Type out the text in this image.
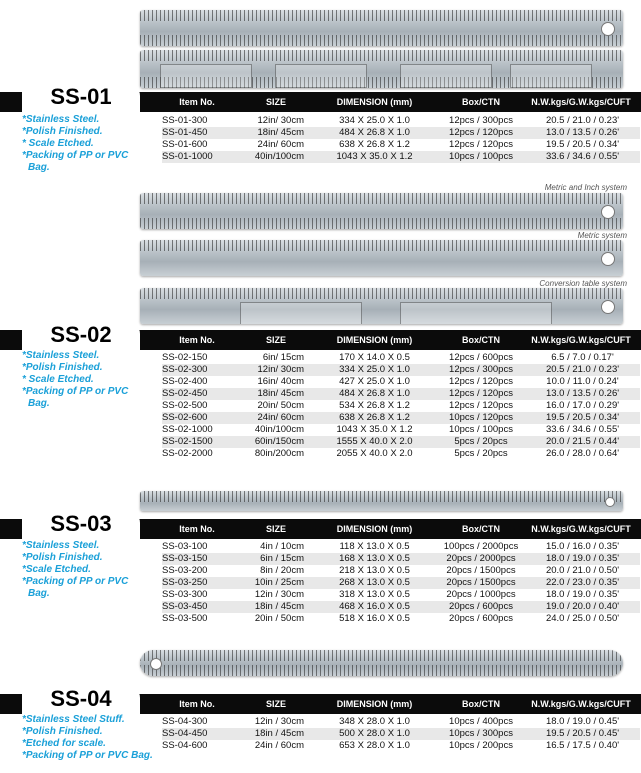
Metric and Inch system
Metric system
Conversion table system
Item No.	SIZE	DIMENSION (mm)	Box/CTN	N.W.kgs/G.W.kgs/CUFT
SS-01
*Stainless Steel.
*Polish Finished.
* Scale Etched.
*Packing of PP or PVC
Bag.
SS-01-300	12in/ 30cm	334 X 25.0 X 1.0	12pcs / 300pcs	20.5 / 21.0 / 0.23'
SS-01-450	18in/ 45cm	484 X 26.8 X 1.0	12pcs / 120pcs	13.0 / 13.5 / 0.26'
SS-01-600	24in/ 60cm	638 X 26.8 X 1.2	12pcs / 120pcs	19.5 / 20.5 / 0.34'
SS-01-1000	40in/100cm	1043 X 35.0 X 1.2	10pcs / 100pcs	33.6 / 34.6 / 0.55'
Item No.	SIZE	DIMENSION (mm)	Box/CTN	N.W.kgs/G.W.kgs/CUFT
SS-02
*Stainless Steel.
*Polish Finished.
* Scale Etched.
*Packing of PP or PVC
Bag.
SS-02-150	6in/ 15cm	170 X 14.0 X 0.5	12pcs / 600pcs	6.5 / 7.0 / 0.17'
SS-02-300	12in/ 30cm	334 X 25.0 X 1.0	12pcs / 300pcs	20.5 / 21.0 / 0.23'
SS-02-400	16in/ 40cm	427 X 25.0 X 1.0	12pcs / 120pcs	10.0 / 11.0 / 0.24'
SS-02-450	18in/ 45cm	484 X 26.8 X 1.0	12pcs / 120pcs	13.0 / 13.5 / 0.26'
SS-02-500	20in/ 50cm	534 X 26.8 X 1.2	12pcs / 120pcs	16.0 / 17.0 / 0.29'
SS-02-600	24in/ 60cm	638 X 26.8 X 1.2	10pcs / 120pcs	19.5 / 20.5 / 0.34'
SS-02-1000	40in/100cm	1043 X 35.0 X 1.2	10pcs / 100pcs	33.6 / 34.6 / 0.55'
SS-02-1500	60in/150cm	1555 X 40.0 X 2.0	5pcs / 20pcs	20.0 / 21.5 / 0.44'
SS-02-2000	80in/200cm	2055 X 40.0 X 2.0	5pcs / 20pcs	26.0 / 28.0 / 0.64'
Item No.	SIZE	DIMENSION (mm)	Box/CTN	N.W.kgs/G.W.kgs/CUFT
SS-03
*Stainless Steel.
*Polish Finished.
*Scale Etched.
*Packing of PP or PVC
Bag.
SS-03-100	4in / 10cm	118 X 13.0 X 0.5	100pcs / 2000pcs	15.0 / 16.0 / 0.35'
SS-03-150	6in / 15cm	168 X 13.0 X 0.5	20pcs / 2000pcs	18.0 / 19.0 / 0.35'
SS-03-200	8in / 20cm	218 X 13.0 X 0.5	20pcs / 1500pcs	20.0 / 21.0 / 0.50'
SS-03-250	10in / 25cm	268 X 13.0 X 0.5	20pcs / 1500pcs	22.0 / 23.0 / 0.35'
SS-03-300	12in / 30cm	318 X 13.0 X 0.5	20pcs / 1000pcs	18.0 / 19.0 / 0.35'
SS-03-450	18in / 45cm	468 X 16.0 X 0.5	20pcs / 600pcs	19.0 / 20.0 / 0.40'
SS-03-500	20in / 50cm	518 X 16.0 X 0.5	20pcs / 600pcs	24.0 / 25.0 / 0.50'
Item No.	SIZE	DIMENSION (mm)	Box/CTN	N.W.kgs/G.W.kgs/CUFT
SS-04
*Stainless Steel Stuff.
*Polish Finished.
*Etched for scale.
*Packing of PP or PVC Bag.
SS-04-300	12in / 30cm	348 X 28.0 X 1.0	10pcs / 400pcs	18.0 / 19.0 / 0.45'
SS-04-450	18in / 45cm	500 X 28.0 X 1.0	10pcs / 300pcs	19.5 / 20.5 / 0.45'
SS-04-600	24in / 60cm	653 X 28.0 X 1.0	10pcs / 200pcs	16.5 / 17.5 / 0.40'
